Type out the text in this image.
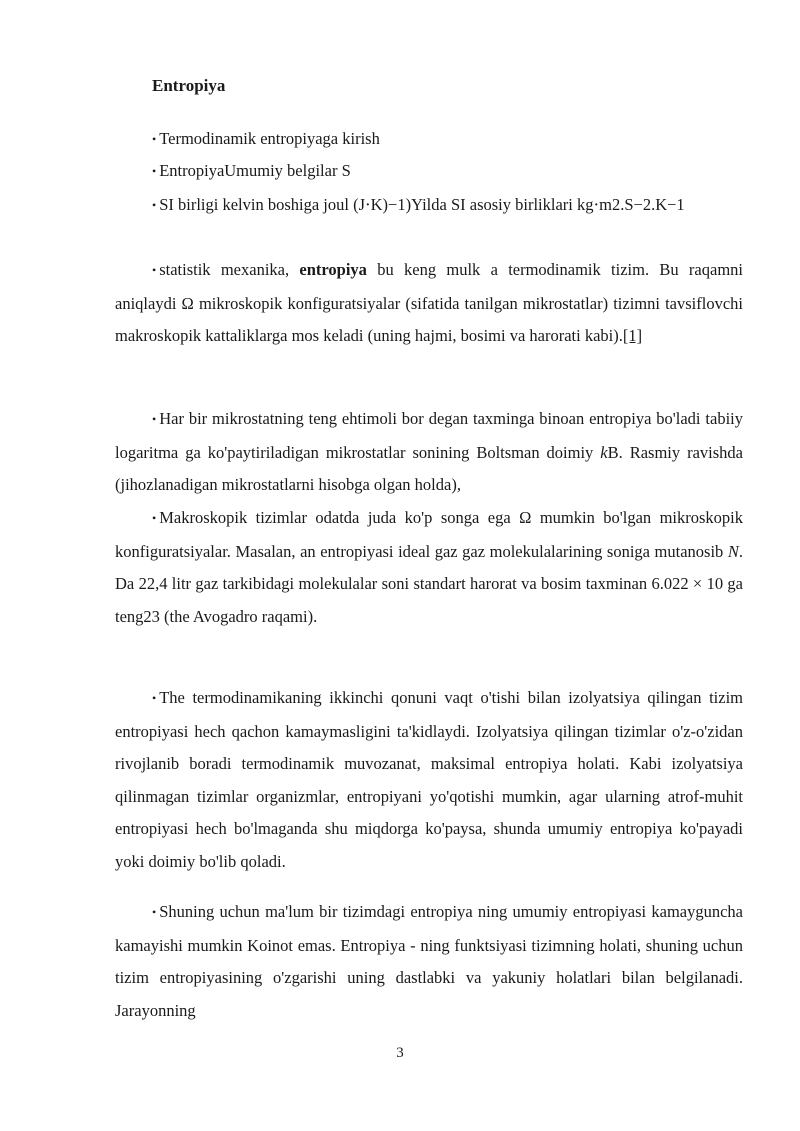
Entropiya

• Termodinamik entropiyaga kirish

• EntropiyaUmumiy belgilar S

• SI birligi kelvin boshiga joul (J⋅K)−1)Yilda SI asosiy birliklari kg⋅m2.S−2.K−1

• statistik mexanika, entropiya bu keng mulk a termodinamik tizim. Bu raqamni aniqlaydi Ω mikroskopik konfiguratsiyalar (sifatida tanilgan mikrostatlar) tizimni tavsiflovchi makroskopik kattaliklarga mos keladi (uning hajmi, bosimi va harorati kabi).[1]

• Har bir mikrostatning teng ehtimoli bor degan taxminga binoan entropiya bo'ladi tabiiy logaritma ga ko'paytiriladigan mikrostatlar sonining Boltsman doimiy kB. Rasmiy ravishda (jihozlanadigan mikrostatlarni hisobga olgan holda),

• Makroskopik tizimlar odatda juda ko'p songa ega Ω mumkin bo'lgan mikroskopik konfiguratsiyalar. Masalan, an entropiyasi ideal gaz gaz molekulalarining soniga mutanosib N. Da 22,4 litr gaz tarkibidagi molekulalar soni standart harorat va bosim taxminan 6.022 × 10 ga teng23 (the Avogadro raqami).

• The termodinamikaning ikkinchi qonuni vaqt o'tishi bilan izolyatsiya qilingan tizim entropiyasi hech qachon kamaymasligini ta'kidlaydi. Izolyatsiya qilingan tizimlar o'z-o'zidan rivojlanib boradi termodinamik muvozanat, maksimal entropiya holati. Kabi izolyatsiya qilinmagan tizimlar organizmlar, entropiyani yo'qotishi mumkin, agar ularning atrof-muhit entropiyasi hech bo'lmaganda shu miqdorga ko'paysa, shunda umumiy entropiya ko'payadi yoki doimiy bo'lib qoladi.

• Shuning uchun ma'lum bir tizimdagi entropiya ning umumiy entropiyasi kamayguncha kamayishi mumkin Koinot emas. Entropiya - ning funktsiyasi tizimning holati, shuning uchun tizim entropiyasining o'zgarishi uning dastlabki va yakuniy holatlari bilan belgilanadi. Jarayonning

3
